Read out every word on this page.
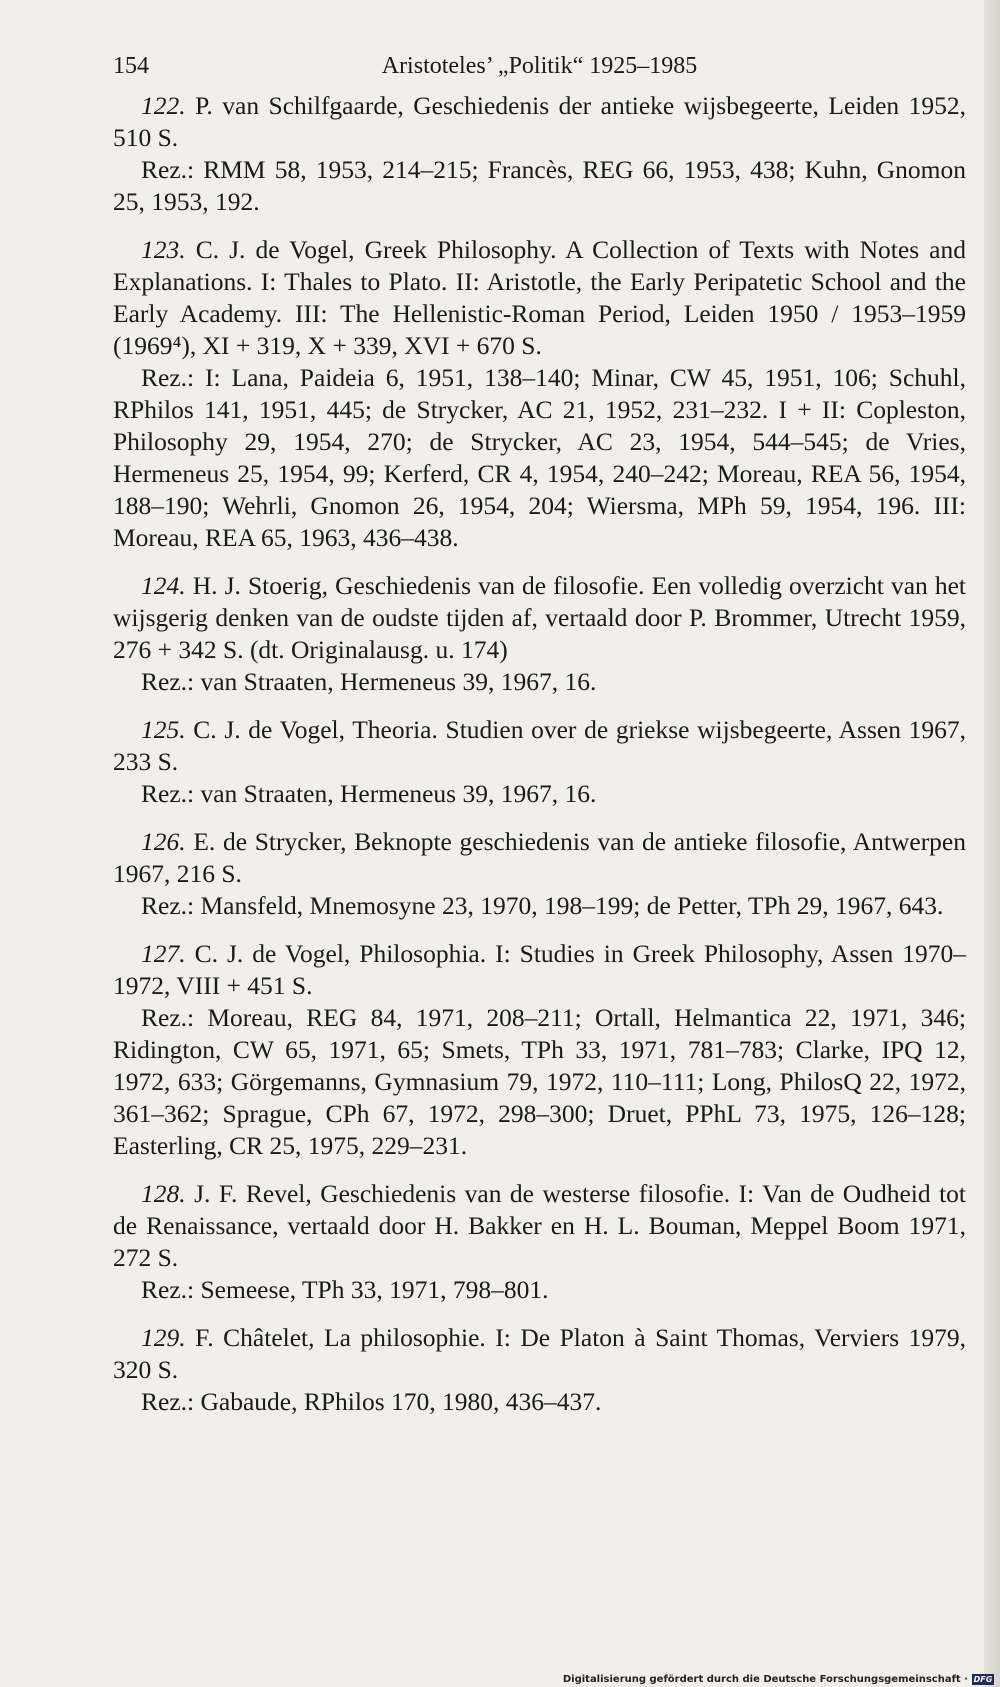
154	Aristoteles’ „Politik“ 1925–1985

122. P. van Schilfgaarde, Geschiedenis der antieke wijsbegeerte, Leiden 1952, 510 S.

Rez.: RMM 58, 1953, 214–215; Francès, REG 66, 1953, 438; Kuhn, Gnomon 25, 1953, 192.

123. C. J. de Vogel, Greek Philosophy. A Collection of Texts with Notes and Explanations. I: Thales to Plato. II: Aristotle, the Early Peripatetic School and the Early Academy. III: The Hellenistic-Roman Period, Leiden 1950 / 1953–1959 (1969⁴), XI + 319, X + 339, XVI + 670 S.

Rez.: I: Lana, Paideia 6, 1951, 138–140; Minar, CW 45, 1951, 106; Schuhl, RPhilos 141, 1951, 445; de Strycker, AC 21, 1952, 231–232. I + II: Copleston, Philosophy 29, 1954, 270; de Strycker, AC 23, 1954, 544–545; de Vries, Hermeneus 25, 1954, 99; Kerferd, CR 4, 1954, 240–242; Moreau, REA 56, 1954, 188–190; Wehrli, Gnomon 26, 1954, 204; Wiersma, MPh 59, 1954, 196. III: Moreau, REA 65, 1963, 436–438.

124. H. J. Stoerig, Geschiedenis van de filosofie. Een volledig overzicht van het wijsgerig denken van de oudste tijden af, vertaald door P. Brommer, Utrecht 1959, 276 + 342 S. (dt. Originalausg. u. 174)

Rez.: van Straaten, Hermeneus 39, 1967, 16.

125. C. J. de Vogel, Theoria. Studien over de griekse wijsbegeerte, Assen 1967, 233 S.

Rez.: van Straaten, Hermeneus 39, 1967, 16.

126. E. de Strycker, Beknopte geschiedenis van de antieke filosofie, Antwerpen 1967, 216 S.

Rez.: Mansfeld, Mnemosyne 23, 1970, 198–199; de Petter, TPh 29, 1967, 643.

127. C. J. de Vogel, Philosophia. I: Studies in Greek Philosophy, Assen 1970–1972, VIII + 451 S.

Rez.: Moreau, REG 84, 1971, 208–211; Ortall, Helmantica 22, 1971, 346; Ridington, CW 65, 1971, 65; Smets, TPh 33, 1971, 781–783; Clarke, IPQ 12, 1972, 633; Görgemanns, Gymnasium 79, 1972, 110–111; Long, PhilosQ 22, 1972, 361–362; Sprague, CPh 67, 1972, 298–300; Druet, PPhL 73, 1975, 126–128; Easterling, CR 25, 1975, 229–231.

128. J. F. Revel, Geschiedenis van de westerse filosofie. I: Van de Oudheid tot de Renaissance, vertaald door H. Bakker en H. L. Bouman, Meppel Boom 1971, 272 S.

Rez.: Semeese, TPh 33, 1971, 798–801.

129. F. Châtelet, La philosophie. I: De Platon à Saint Thomas, Verviers 1979, 320 S.

Rez.: Gabaude, RPhilos 170, 1980, 436–437.

Digitalisierung gefördert durch die Deutsche Forschungsgemeinschaft · DFG
